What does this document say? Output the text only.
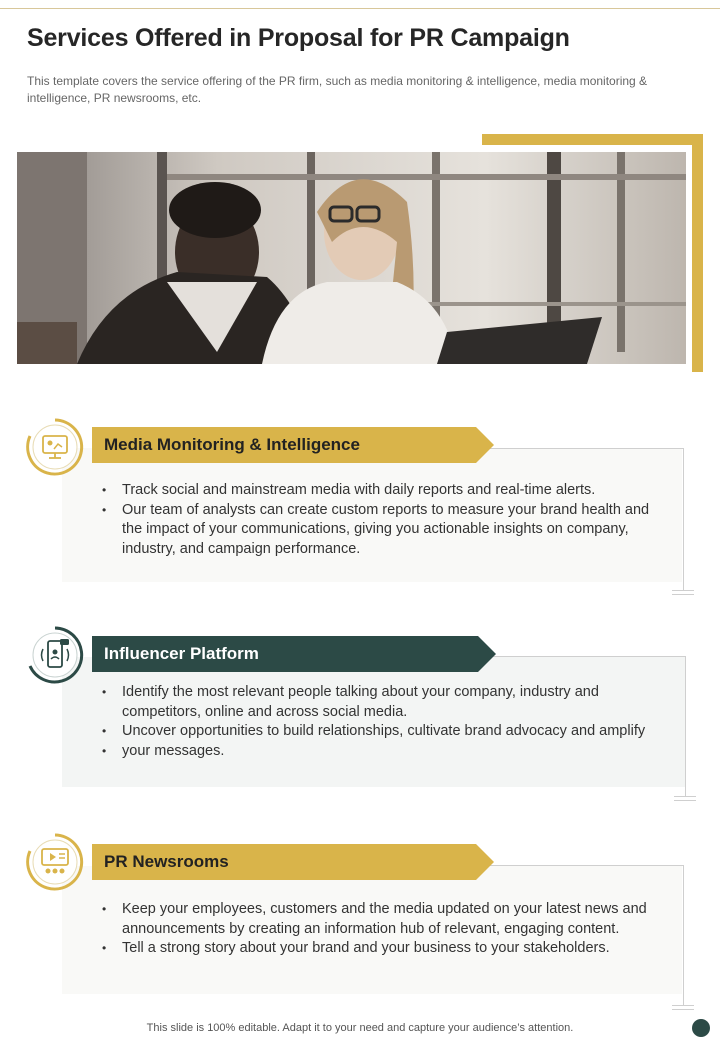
Services Offered in Proposal for PR Campaign
This template covers the service offering of the PR firm, such as media monitoring & intelligence, media monitoring & intelligence, PR newsrooms, etc.
Media Monitoring & Intelligence
• Track social and mainstream media with daily reports and real-time alerts.
• Our team of analysts can create custom reports to measure your brand health and the impact of your communications, giving you actionable insights on company, industry, and campaign performance.
Influencer Platform
• Identify the most relevant people talking about your company, industry and competitors, online and across social media.
• Uncover opportunities to build relationships, cultivate brand advocacy and amplify
• your messages.
PR Newsrooms
• Keep your employees, customers and the media updated on your latest news and announcements by creating an information hub of relevant, engaging content.
• Tell a strong story about your brand and your business to your stakeholders.
This slide is 100% editable. Adapt it to your need and capture your audience’s attention.
